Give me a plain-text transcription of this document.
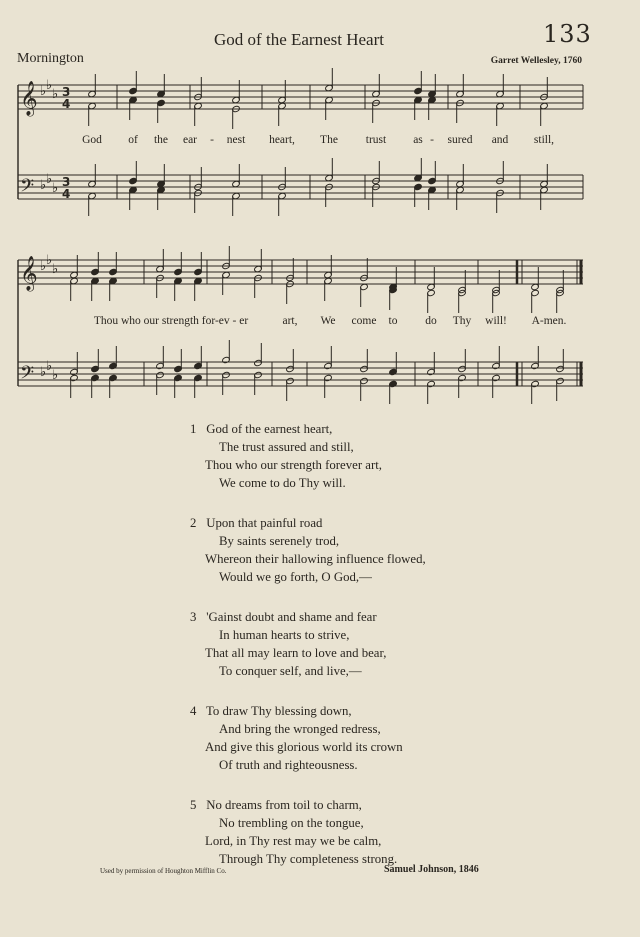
133
God of the Earnest Heart
Mornington	Garret Wellesley, 1760
𝄞
𝄢
𝄞
𝄢
♭ ♭
♭
♭ ♭
♭
♭ ♭
♭
♭ ♭
♭
3
4
3
4
God of the ear - nest heart, The trust as - sured and still,
Thou who our strength for-ev - er	art, We come to do Thy will! A-men.
1 God of the earnest heart,
The trust assured and still,
Thou who our strength forever art,
We come to do Thy will.
2 Upon that painful road
By saints serenely trod,
Whereon their hallowing influence flowed,
Would we go forth, O God,—
3 'Gainst doubt and shame and fear
In human hearts to strive,
That all may learn to love and bear,
To conquer self, and live,—
4 To draw Thy blessing down,
And bring the wronged redress,
And give this glorious world its crown
Of truth and righteousness.
5 No dreams from toil to charm,
No trembling on the tongue,
Lord, in Thy rest may we be calm,
Through Thy completeness strong.
Used by permission of Houghton Mifflin Co.	Samuel Johnson, 1846
